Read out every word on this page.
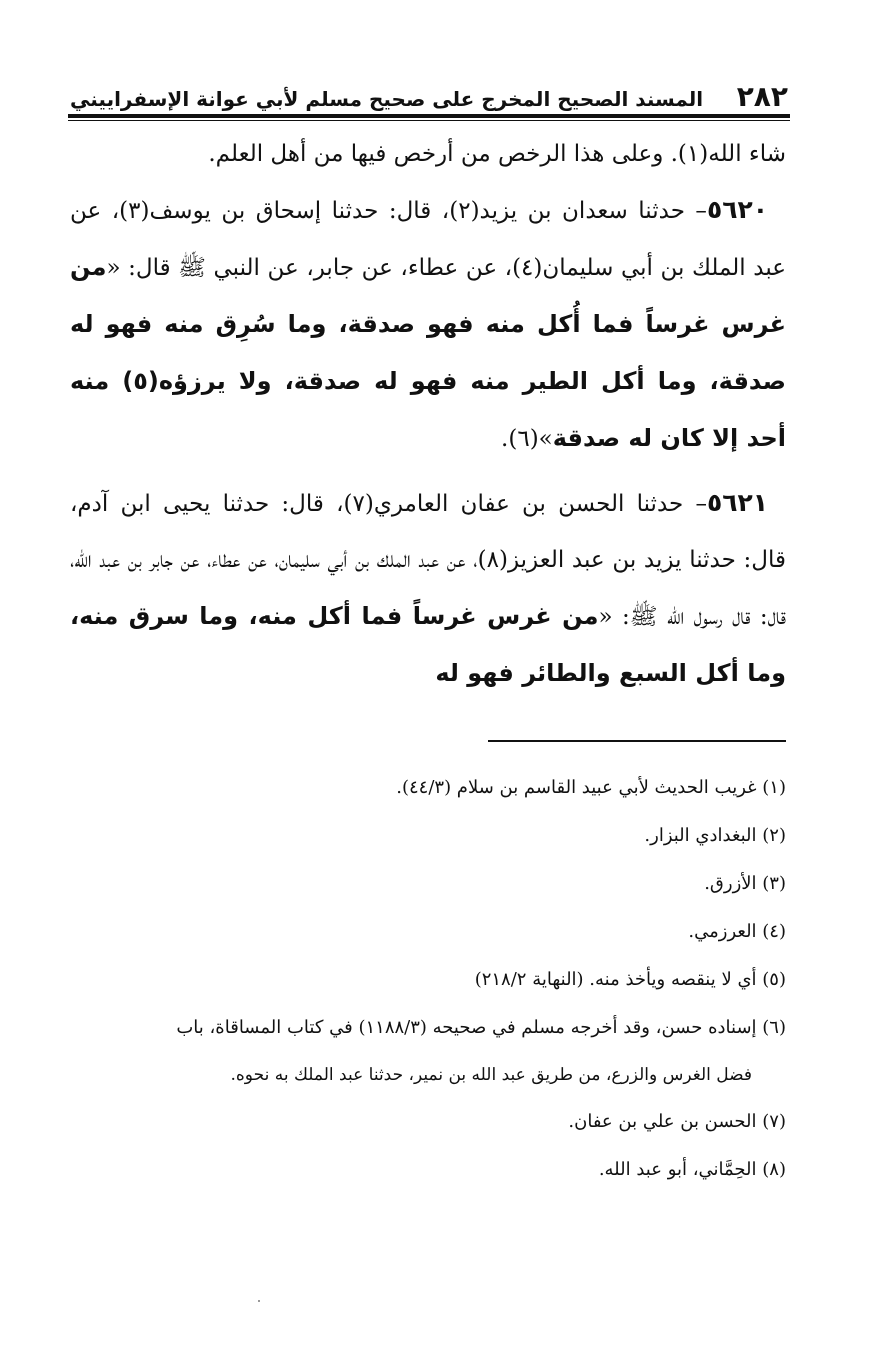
٢٨٢
المسند الصحيح المخرج على صحيح مسلم لأبي عوانة الإسفراييني

شاء الله(١). وعلى هذا الرخص من أرخص فيها من أهل العلم.

٥٦٢٠– حدثنا سعدان بن يزيد(٢)، قال: حدثنا إسحاق بن يوسف(٣)، عن عبد الملك بن أبي سليمان(٤)، عن عطاء، عن جابر، عن النبي ﷺ قال: «من غرس غرساً فما أُكل منه فهو صدقة، وما سُرِق منه فهو له صدقة، وما أكل الطير منه فهو له صدقة، ولا يرزؤه(٥) منه أحد إلا كان له صدقة»(٦).

٥٦٢١– حدثنا الحسن بن عفان العامري(٧)، قال: حدثنا يحيى ابن آدم، قال: حدثنا يزيد بن عبد العزيز(٨)، عن عبد الملك بن أبي سليمان، عن عطاء، عن جابر بن عبد الله، قال: قال رسول الله ﷺ: «من غرس غرساً فما أكل منه، وما سرق منه، وما أكل السبع والطائر فهو له

(١) غريب الحديث لأبي عبيد القاسم بن سلام (٤٤/٣).

(٢) البغدادي البزار.

(٣) الأزرق.

(٤) العرزمي.

(٥) أي لا ينقصه ويأخذ منه. (النهاية ٢١٨/٢)

(٦) إسناده حسن، وقد أخرجه مسلم في صحيحه (١١٨٨/٣) في كتاب المساقاة، باب

فضل الغرس والزرع، من طريق عبد الله بن نمير، حدثنا عبد الملك به نحوه.

(٧) الحسن بن علي بن عفان.

(٨) الحِمَّاني، أبو عبد الله.
